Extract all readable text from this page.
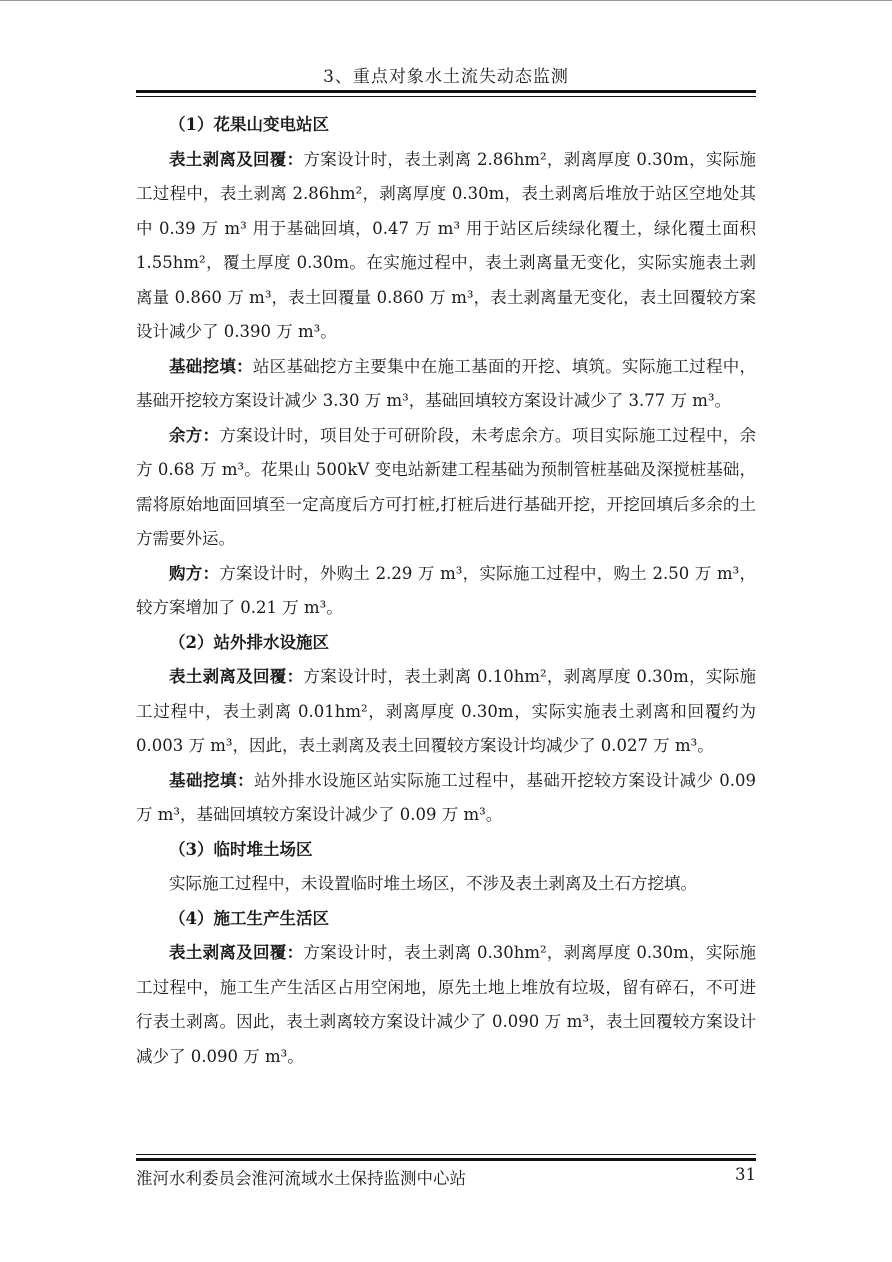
3、重点对象水土流失动态监测

（1）花果山变电站区

表土剥离及回覆：方案设计时，表土剥离 2.86hm²，剥离厚度 0.30m，实际施工过程中，表土剥离 2.86hm²，剥离厚度 0.30m，表土剥离后堆放于站区空地处其中 0.39 万 m³ 用于基础回填，0.47 万 m³ 用于站区后续绿化覆土，绿化覆土面积 1.55hm²，覆土厚度 0.30m。在实施过程中，表土剥离量无变化，实际实施表土剥离量 0.860 万 m³，表土回覆量 0.860 万 m³，表土剥离量无变化，表土回覆较方案设计减少了 0.390 万 m³。

基础挖填：站区基础挖方主要集中在施工基面的开挖、填筑。实际施工过程中，基础开挖较方案设计减少 3.30 万 m³，基础回填较方案设计减少了 3.77 万 m³。

余方：方案设计时，项目处于可研阶段，未考虑余方。项目实际施工过程中，余方 0.68 万 m³。花果山 500kV 变电站新建工程基础为预制管桩基础及深搅桩基础，需将原始地面回填至一定高度后方可打桩,打桩后进行基础开挖，开挖回填后多余的土方需要外运。

购方：方案设计时，外购土 2.29 万 m³，实际施工过程中，购土 2.50 万 m³，较方案增加了 0.21 万 m³。

（2）站外排水设施区

表土剥离及回覆：方案设计时，表土剥离 0.10hm²，剥离厚度 0.30m，实际施工过程中，表土剥离 0.01hm²，剥离厚度 0.30m，实际实施表土剥离和回覆约为 0.003 万 m³，因此，表土剥离及表土回覆较方案设计均减少了 0.027 万 m³。

基础挖填：站外排水设施区站实际施工过程中，基础开挖较方案设计减少 0.09 万 m³，基础回填较方案设计减少了 0.09 万 m³。

（3）临时堆土场区

实际施工过程中，未设置临时堆土场区，不涉及表土剥离及土石方挖填。

（4）施工生产生活区

表土剥离及回覆：方案设计时，表土剥离 0.30hm²，剥离厚度 0.30m，实际施工过程中，施工生产生活区占用空闲地，原先土地上堆放有垃圾，留有碎石，不可进行表土剥离。因此，表土剥离较方案设计减少了 0.090 万 m³，表土回覆较方案设计减少了 0.090 万 m³。

淮河水利委员会淮河流域水土保持监测中心站	31
